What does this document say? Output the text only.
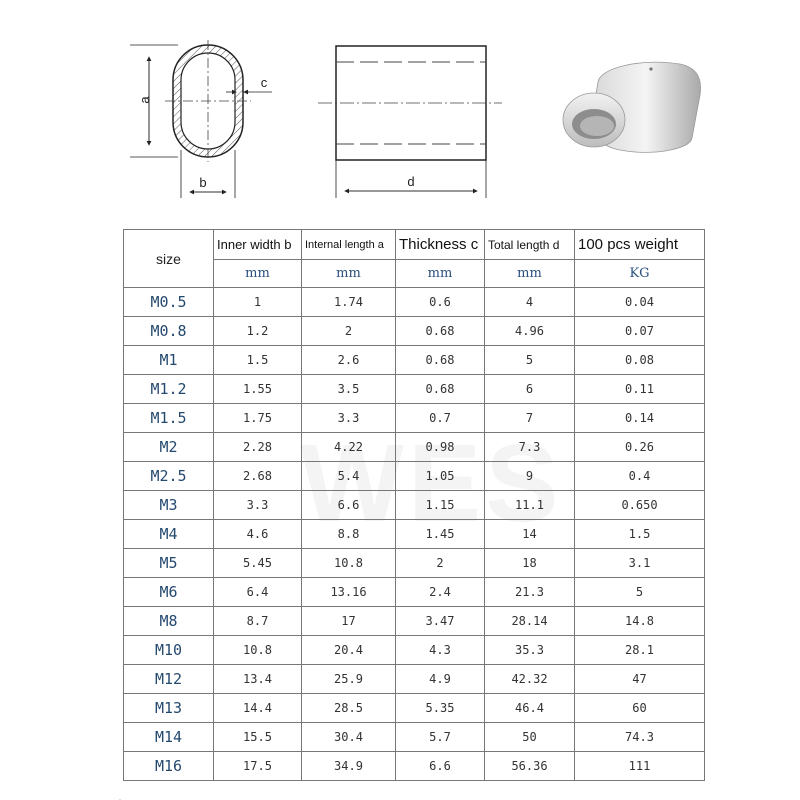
a
b
c
d
size	Inner width b	Internal length a	Thickness c	Total length d	100 pcs weight
	mm	mm	mm	mm	KG
M0.5	1	1.74	0.6	4	0.04
M0.8	1.2	2	0.68	4.96	0.07
M1	1.5	2.6	0.68	5	0.08
M1.2	1.55	3.5	0.68	6	0.11
M1.5	1.75	3.3	0.7	7	0.14
M2	2.28	4.22	0.98	7.3	0.26
M2.5	2.68	5.4	1.05	9	0.4
M3	3.3	6.6	1.15	11.1	0.650
M4	4.6	8.8	1.45	14	1.5
M5	5.45	10.8	2	18	3.1
M6	6.4	13.16	2.4	21.3	5
M8	8.7	17	3.47	28.14	14.8
M10	10.8	20.4	4.3	35.3	28.1
M12	13.4	25.9	4.9	42.32	47
M13	14.4	28.5	5.35	46.4	60
M14	15.5	30.4	5.7	50	74.3
M16	17.5	34.9	6.6	56.36	111
·
